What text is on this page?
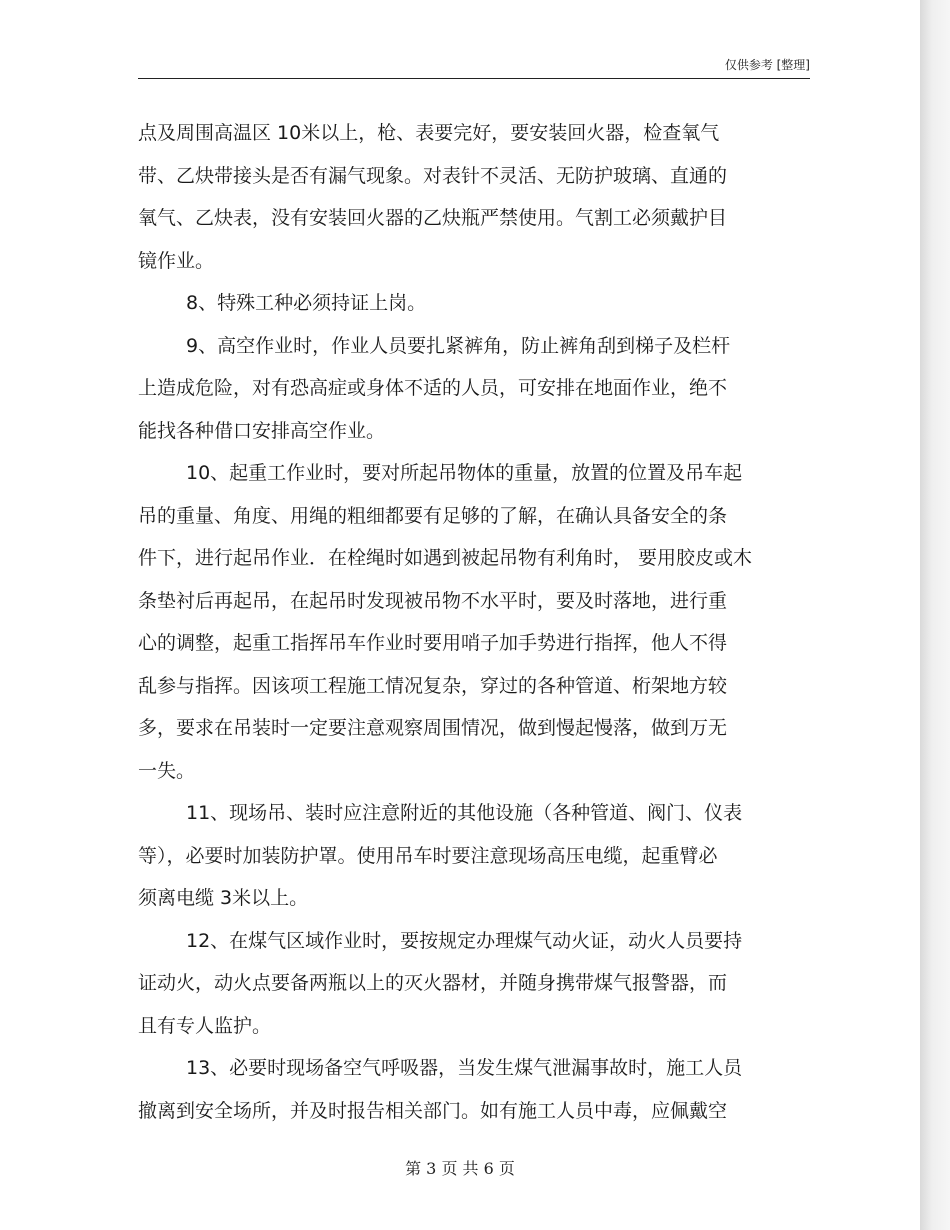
仅供参考 [整理]
点及周围高温区 10米以上，枪、表要完好，要安装回火器，检查氧气
带、乙炔带接头是否有漏气现象。对表针不灵活、无防护玻璃、直通的
氧气、乙炔表，没有安装回火器的乙炔瓶严禁使用。气割工必须戴护目
镜作业。
8、特殊工种必须持证上岗。
9、高空作业时，作业人员要扎紧裤角，防止裤角刮到梯子及栏杆
上造成危险，对有恐高症或身体不适的人员，可安排在地面作业，绝不
能找各种借口安排高空作业。
10、起重工作业时，要对所起吊物体的重量，放置的位置及吊车起
吊的重量、角度、用绳的粗细都要有足够的了解，在确认具备安全的条
件下，进行起吊作业．在栓绳时如遇到被起吊物有利角时， 要用胶皮或木
条垫衬后再起吊，在起吊时发现被吊物不水平时，要及时落地，进行重
心的调整，起重工指挥吊车作业时要用哨子加手势进行指挥，他人不得
乱参与指挥。因该项工程施工情况复杂，穿过的各种管道、桁架地方较
多，要求在吊装时一定要注意观察周围情况，做到慢起慢落，做到万无
一失。
11、现场吊、装时应注意附近的其他设施（各种管道、阀门、仪表
等），必要时加装防护罩。使用吊车时要注意现场高压电缆，起重臂必
须离电缆 3米以上。
12、在煤气区域作业时，要按规定办理煤气动火证，动火人员要持
证动火，动火点要备两瓶以上的灭火器材，并随身携带煤气报警器，而
且有专人监护。
13、必要时现场备空气呼吸器，当发生煤气泄漏事故时，施工人员
撤离到安全场所，并及时报告相关部门。如有施工人员中毒，应佩戴空
第 3 页 共 6 页
